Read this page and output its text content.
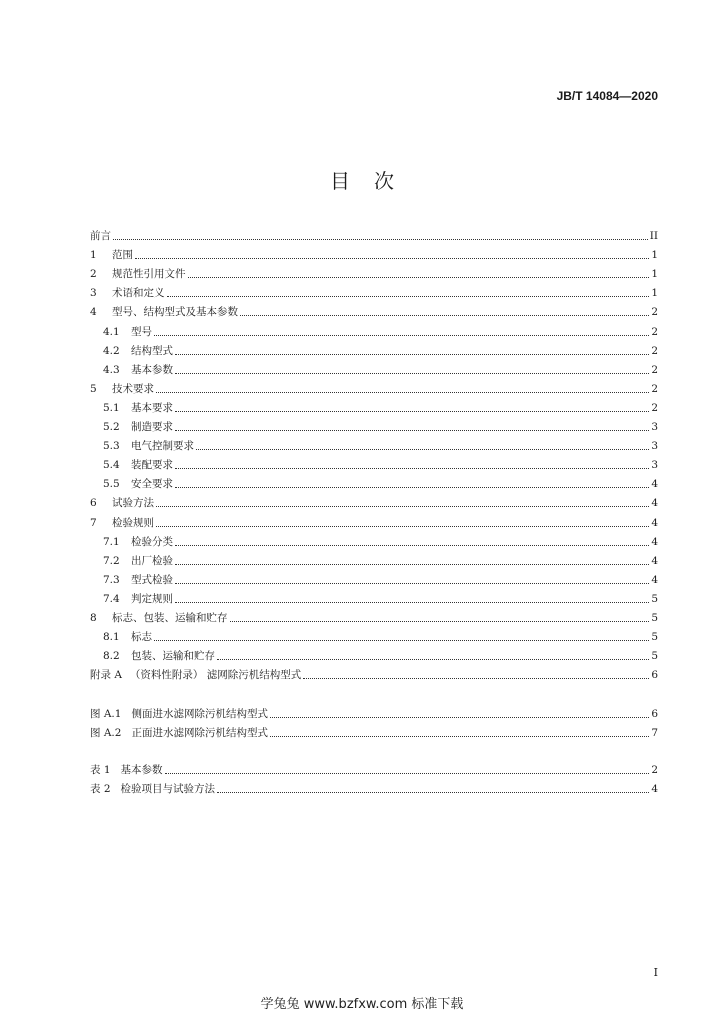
JB/T 14084—2020
目次
前言	II
1	范围	1
2	规范性引用文件	1
3	术语和定义	1
4	型号、结构型式及基本参数	2
4.1 型号	2
4.2 结构型式	2
4.3 基本参数	2
5	技术要求	2
5.1 基本要求	2
5.2 制造要求	3
5.3 电气控制要求	3
5.4 装配要求	3
5.5 安全要求	4
6	试验方法	4
7	检验规则	4
7.1 检验分类	4
7.2 出厂检验	4
7.3 型式检验	4
7.4 判定规则	5
8	标志、包装、运输和贮存	5
8.1 标志	5
8.2 包装、运输和贮存	5
附录 A （资料性附录） 滤网除污机结构型式	6
图 A.1 侧面进水滤网除污机结构型式	6
图 A.2 正面进水滤网除污机结构型式	7
表 1 基本参数	2
表 2 检验项目与试验方法	4
I
学兔兔 www.bzfxw.com 标准下载
